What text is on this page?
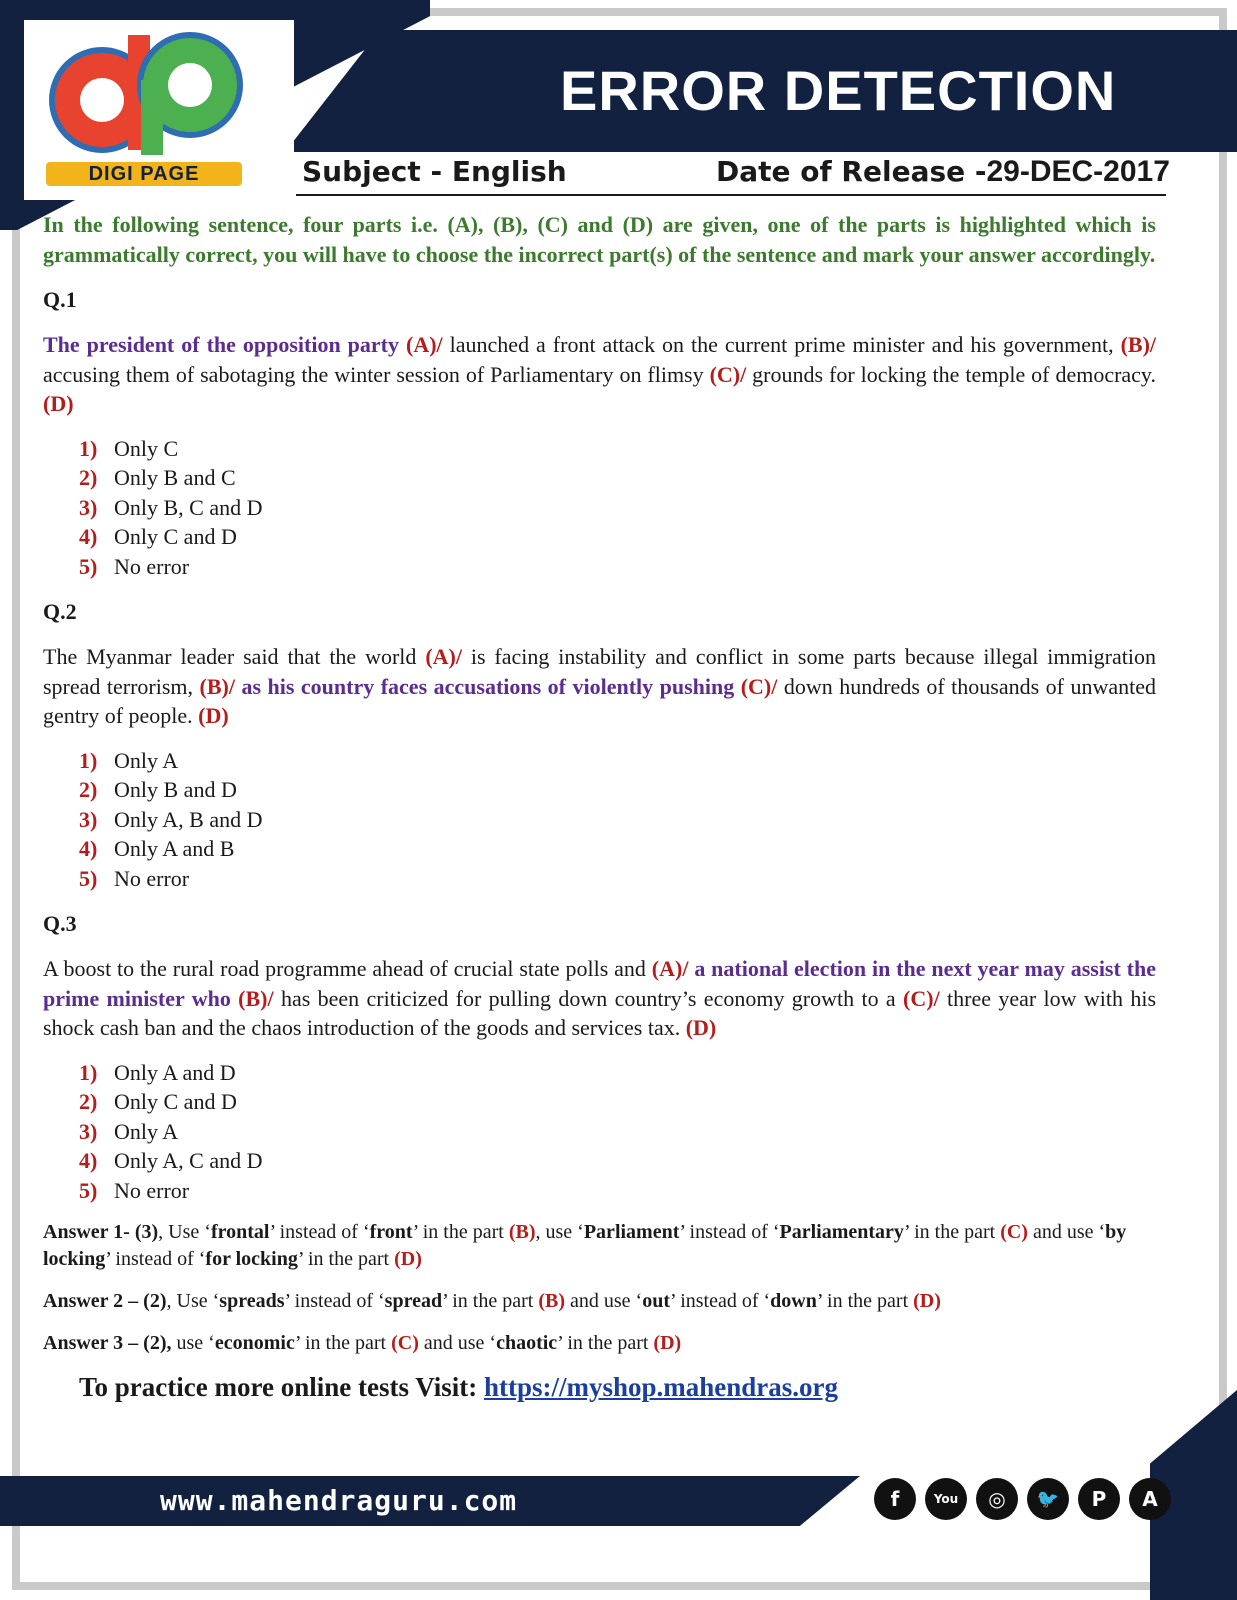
ERROR DETECTION
DIGI PAGE	Subject - English	Date of Release -29-DEC-2017

In the following sentence, four parts i.e. (A), (B), (C) and (D) are given, one of the parts is highlighted which is grammatically correct, you will have to choose the incorrect part(s) of the sentence and mark your answer accordingly.

Q.1

The president of the opposition party (A)/ launched a front attack on the current prime minister and his government, (B)/ accusing them of sabotaging the winter session of Parliamentary on flimsy (C)/ grounds for locking the temple of democracy. (D)

1) Only C
2) Only B and C
3) Only B, C and D
4) Only C and D
5) No error
Q.2

The Myanmar leader said that the world (A)/ is facing instability and conflict in some parts because illegal immigration spread terrorism, (B)/ as his country faces accusations of violently pushing (C)/ down hundreds of thousands of unwanted gentry of people. (D)

1) Only A
2) Only B and D
3) Only A, B and D
4) Only A and B
5) No error
Q.3

A boost to the rural road programme ahead of crucial state polls and (A)/ a national election in the next year may assist the prime minister who (B)/ has been criticized for pulling down country’s economy growth to a (C)/ three year low with his shock cash ban and the chaos introduction of the goods and services tax. (D)

1) Only A and D
2) Only C and D
3) Only A
4) Only A, C and D
5) No error

Answer 1- (3), Use ‘frontal’ instead of ‘front’ in the part (B), use ‘Parliament’ instead of ‘Parliamentary’ in the part (C) and use ‘by locking’ instead of ‘for locking’ in the part (D)

Answer 2 – (2), Use ‘spreads’ instead of ‘spread’ in the part (B) and use ‘out’ instead of ‘down’ in the part (D)

Answer 3 – (2), use ‘economic’ in the part (C) and use ‘chaotic’ in the part (D)

To practice more online tests Visit: https://myshop.mahendras.org

www.mahendraguru.com	f	You	◎	🐦	P	A
